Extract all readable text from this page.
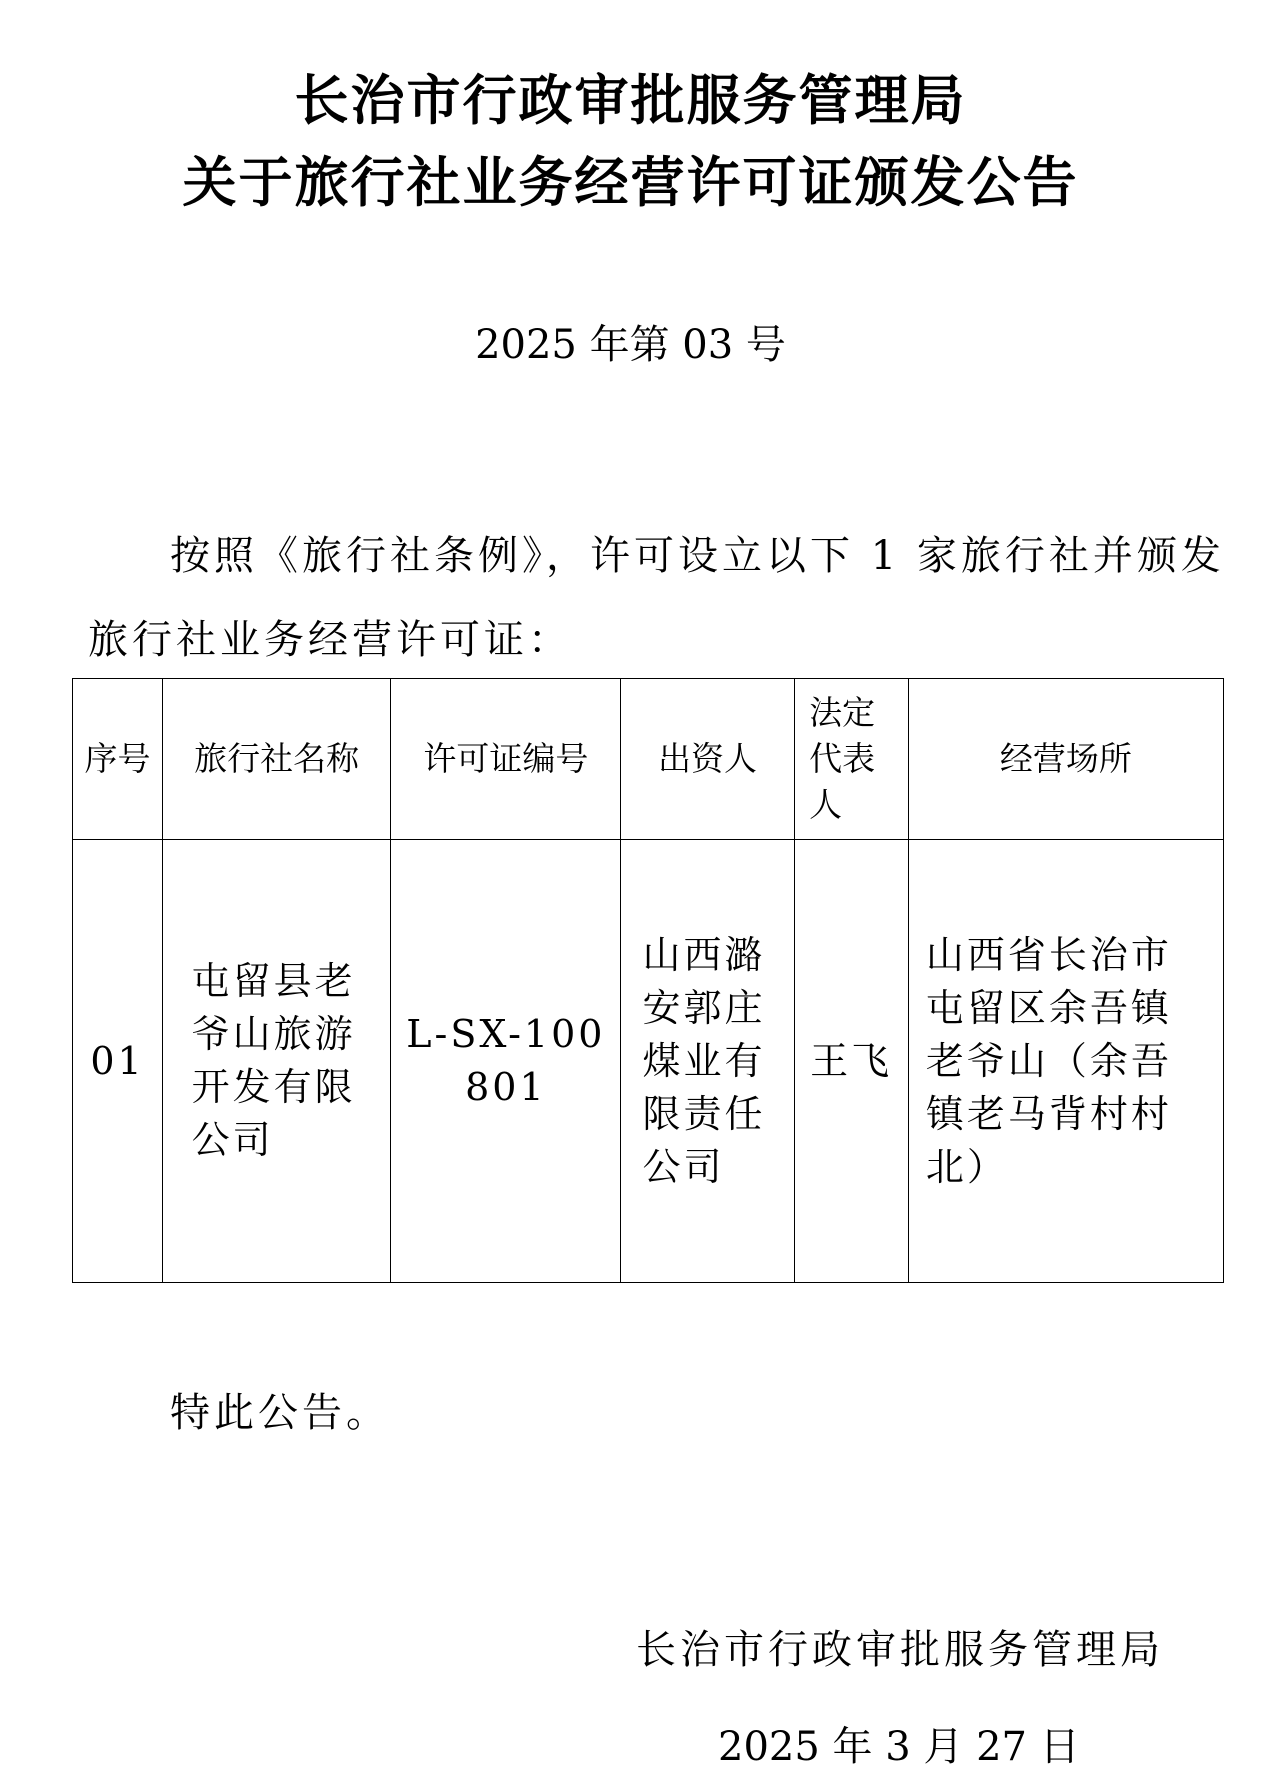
长治市行政审批服务管理局
关于旅行社业务经营许可证颁发公告
2025 年第 03 号
按照《旅行社条例》，许可设立以下 1 家旅行社并颁发
旅行社业务经营许可证：
序号	旅行社名称	许可证编号	出资人	法定代表人	经营场所
01	屯留县老爷山旅游开发有限公司	L-SX-100801	山西潞安郭庄煤业有限责任公司	王飞	山西省长治市屯留区余吾镇老爷山（余吾镇老马背村村北）
特此公告。
长治市行政审批服务管理局
2025 年 3 月 27 日
